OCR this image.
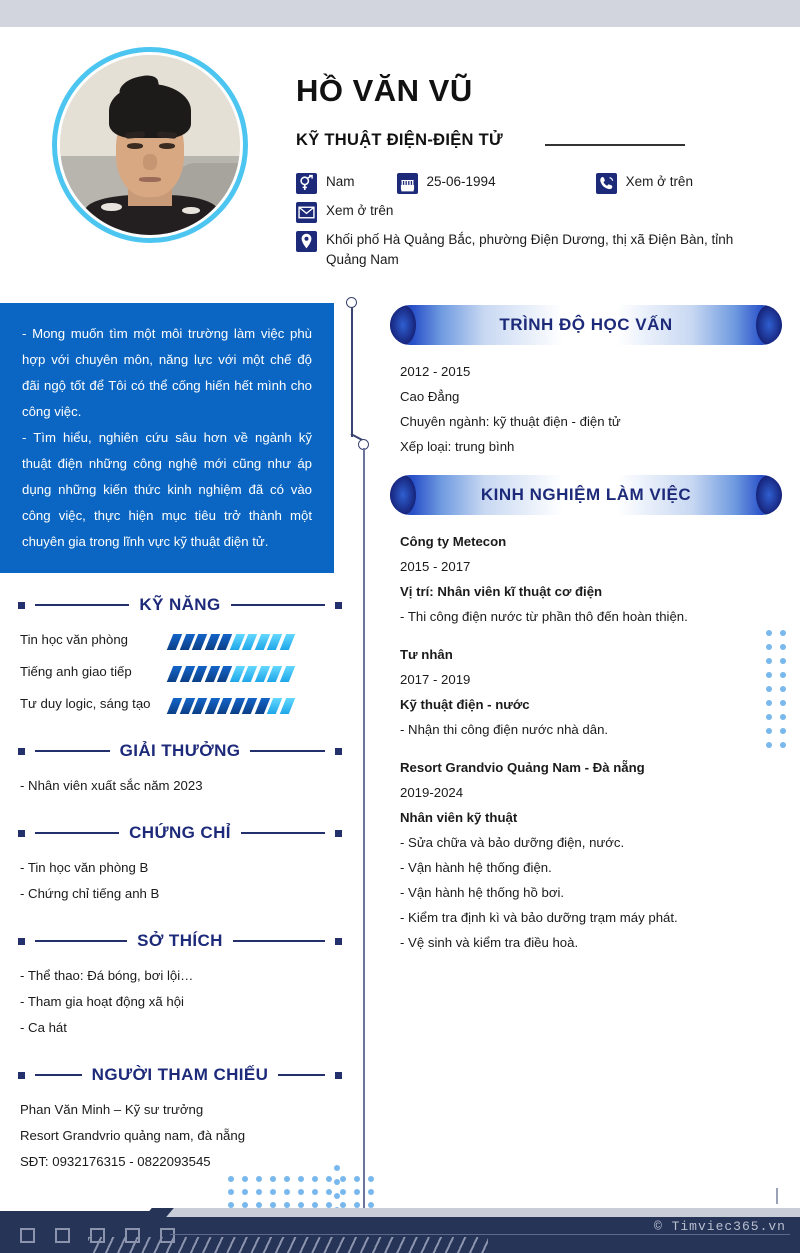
HỒ VĂN VŨ
KỸ THUẬT ĐIỆN-ĐIỆN TỬ
Nam	25-06-1994	Xem ở trên
Xem ở trên
Khối phố Hà Quảng Bắc, phường Điện Dương, thị xã Điện Bàn, tỉnh Quảng Nam

- Mong muốn tìm một môi trường làm việc phù hợp với chuyên môn, năng lực với một chế độ đãi ngộ tốt để Tôi có thể cống hiến hết mình cho công việc.

- Tìm hiểu, nghiên cứu sâu hơn về ngành kỹ thuật điện những công nghệ mới cũng như áp dụng những kiến thức kinh nghiệm đã có vào công việc, thực hiện mục tiêu trở thành một chuyên gia trong lĩnh vực kỹ thuật điện tử.

KỸ NĂNG
Tin học văn phòng
Tiếng anh giao tiếp
Tư duy logic, sáng tạo
GIẢI THƯỞNG
- Nhân viên xuất sắc năm 2023
CHỨNG CHỈ
- Tin học văn phòng B
- Chứng chỉ tiếng anh B
SỞ THÍCH
- Thể thao: Đá bóng, bơi lội…
- Tham gia hoạt động xã hội
- Ca hát
NGƯỜI THAM CHIẾU
Phan Văn Minh – Kỹ sư trưởng
Resort Grandvrio quảng nam, đà nẵng
SĐT: 0932176315 - 0822093545
TRÌNH ĐỘ HỌC VẤN
2012 - 2015
Cao Đẳng
Chuyên ngành: kỹ thuật điện - điện tử
Xếp loại: trung bình
KINH NGHIỆM LÀM VIỆC
Công ty Metecon
2015 - 2017
Vị trí: Nhân viên kĩ thuật cơ điện
- Thi công điện nước từ phần thô đến hoàn thiện.
Tư nhân
2017 - 2019
Kỹ thuật điện - nước
- Nhận thi công điện nước nhà dân.
Resort Grandvio Quảng Nam - Đà nẵng
2019-2024
Nhân viên kỹ thuật
- Sửa chữa và bảo dưỡng điện, nước.
- Vận hành hệ thống điện.
- Vận hành hệ thống hồ bơi.
- Kiểm tra định kì và bảo dưỡng trạm máy phát.
- Vệ sinh và kiểm tra điều hoà.
© Timviec365.vn
